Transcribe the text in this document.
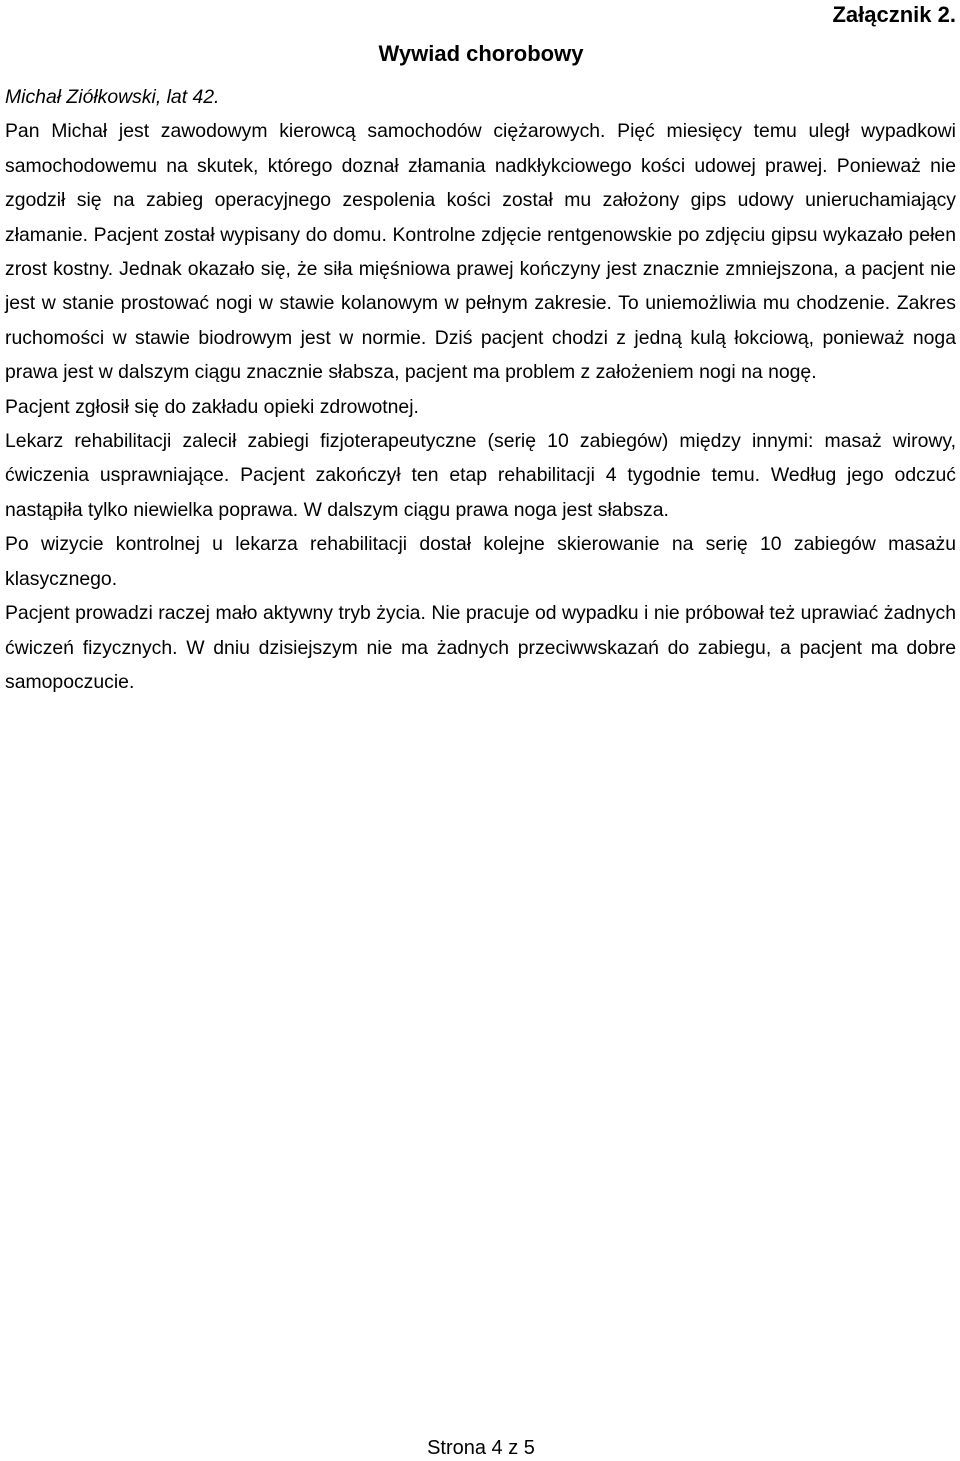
Załącznik 2.

Wywiad chorobowy

Michał Ziółkowski, lat 42.

Pan Michał jest zawodowym kierowcą samochodów ciężarowych. Pięć miesięcy temu uległ wypadkowi samochodowemu na skutek, którego doznał złamania nadkłykciowego kości udowej prawej. Ponieważ nie zgodził się na zabieg operacyjnego zespolenia kości został mu założony gips udowy unieruchamiający złamanie. Pacjent został wypisany do domu. Kontrolne zdjęcie rentgenowskie po zdjęciu gipsu wykazało pełen zrost kostny. Jednak okazało się, że siła mięśniowa prawej kończyny jest znacznie zmniejszona, a pacjent nie jest w stanie prostować nogi w stawie kolanowym w pełnym zakresie. To uniemożliwia mu chodzenie. Zakres ruchomości w stawie biodrowym jest w normie. Dziś pacjent chodzi z jedną kulą łokciową, ponieważ noga prawa jest w dalszym ciągu znacznie słabsza, pacjent ma problem z założeniem nogi na nogę.

Pacjent zgłosił się do zakładu opieki zdrowotnej.

Lekarz rehabilitacji zalecił zabiegi fizjoterapeutyczne (serię 10 zabiegów) między innymi: masaż wirowy, ćwiczenia usprawniające. Pacjent zakończył ten etap rehabilitacji 4 tygodnie temu. Według jego odczuć nastąpiła tylko niewielka poprawa. W dalszym ciągu prawa noga jest słabsza.

Po wizycie kontrolnej u lekarza rehabilitacji dostał kolejne skierowanie na serię 10 zabiegów masażu klasycznego.

Pacjent prowadzi raczej mało aktywny tryb życia. Nie pracuje od wypadku i nie próbował też uprawiać żadnych ćwiczeń fizycznych. W dniu dzisiejszym nie ma żadnych przeciwwskazań do zabiegu, a pacjent ma dobre samopoczucie.

Strona 4 z 5
